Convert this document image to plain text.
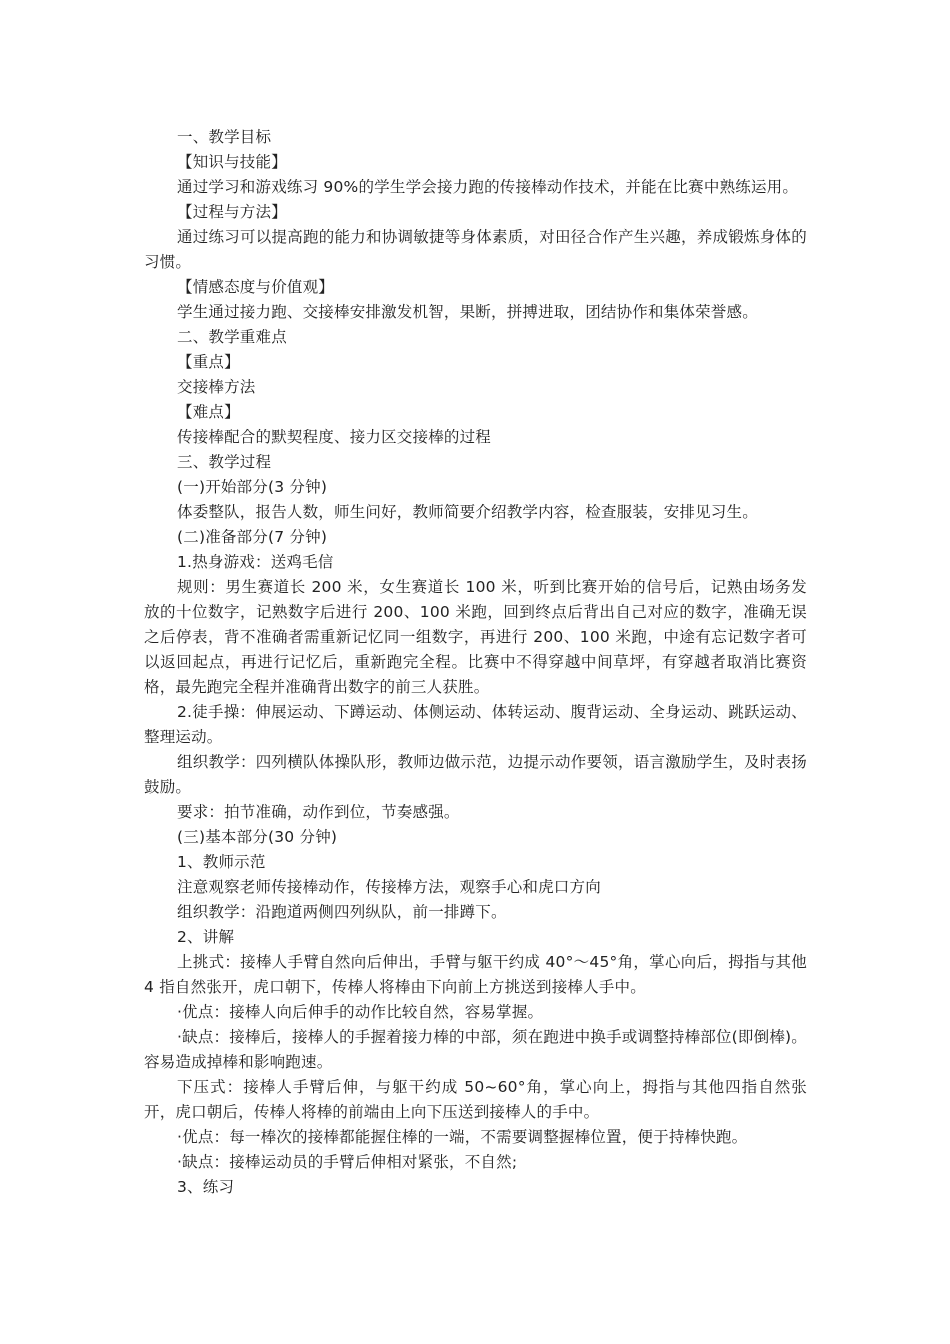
一、教学目标

【知识与技能】

通过学习和游戏练习 90%的学生学会接力跑的传接棒动作技术，并能在比赛中熟练运用。

【过程与方法】

通过练习可以提高跑的能力和协调敏捷等身体素质，对田径合作产生兴趣，养成锻炼身体的习惯。

【情感态度与价值观】

学生通过接力跑、交接棒安排激发机智，果断，拼搏进取，团结协作和集体荣誉感。

二、教学重难点

【重点】

交接棒方法

【难点】

传接棒配合的默契程度、接力区交接棒的过程

三、教学过程

(一)开始部分(3 分钟)

体委整队，报告人数，师生问好，教师简要介绍教学内容，检查服装，安排见习生。

(二)准备部分(7 分钟)

1.热身游戏：送鸡毛信

规则：男生赛道长 200 米，女生赛道长 100 米，听到比赛开始的信号后，记熟由场务发放的十位数字，记熟数字后进行 200、100 米跑，回到终点后背出自己对应的数字，准确无误之后停表，背不准确者需重新记忆同一组数字，再进行 200、100 米跑，中途有忘记数字者可以返回起点，再进行记忆后，重新跑完全程。比赛中不得穿越中间草坪，有穿越者取消比赛资格，最先跑完全程并准确背出数字的前三人获胜。

2.徒手操：伸展运动、下蹲运动、体侧运动、体转运动、腹背运动、全身运动、跳跃运动、整理运动。

组织教学：四列横队体操队形，教师边做示范，边提示动作要领，语言激励学生，及时表扬鼓励。

要求：拍节准确，动作到位，节奏感强。

(三)基本部分(30 分钟)

1、教师示范

注意观察老师传接棒动作，传接棒方法，观察手心和虎口方向

组织教学：沿跑道两侧四列纵队，前一排蹲下。

2、讲解

上挑式：接棒人手臂自然向后伸出，手臂与躯干约成 40°～45°角，掌心向后，拇指与其他 4 指自然张开，虎口朝下，传棒人将棒由下向前上方挑送到接棒人手中。

·优点：接棒人向后伸手的动作比较自然，容易掌握。

·缺点：接棒后，接棒人的手握着接力棒的中部，须在跑进中换手或调整持棒部位(即倒棒)。容易造成掉棒和影响跑速。

下压式：接棒人手臂后伸，与躯干约成 50~60°角，掌心向上，拇指与其他四指自然张开，虎口朝后，传棒人将棒的前端由上向下压送到接棒人的手中。

·优点：每一棒次的接棒都能握住棒的一端，不需要调整握棒位置，便于持棒快跑。

·缺点：接棒运动员的手臂后伸相对紧张，不自然;

3、练习
